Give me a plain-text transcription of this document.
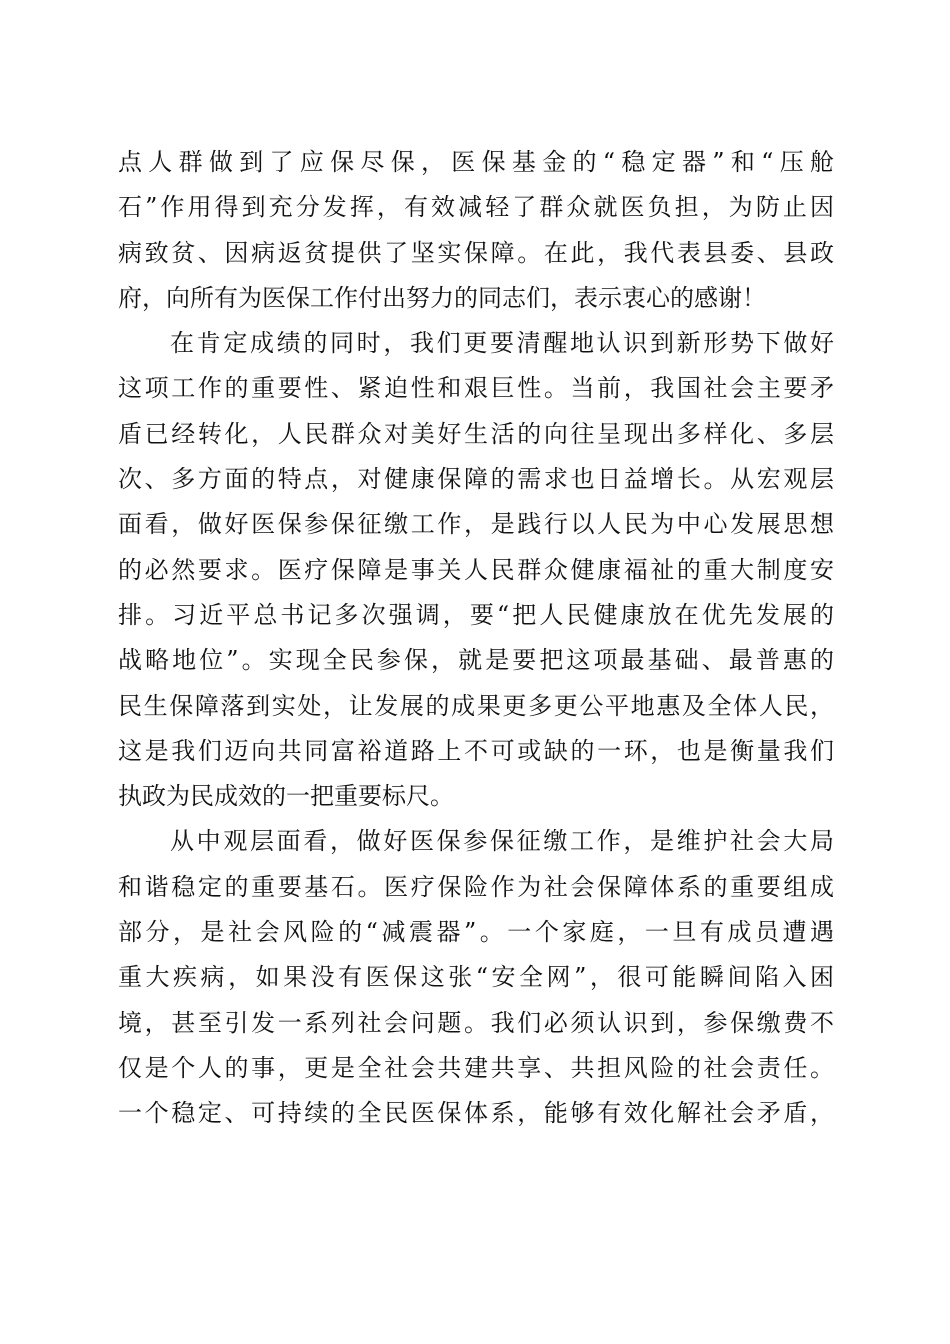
点人群做到了应保尽保，医保基金的“稳定器”和“压舱
石”作用得到充分发挥，有效减轻了群众就医负担，为防止因
病致贫、因病返贫提供了坚实保障。在此，我代表县委、县政
府，向所有为医保工作付出努力的同志们，表示衷心的感谢！
在肯定成绩的同时，我们更要清醒地认识到新形势下做好
这项工作的重要性、紧迫性和艰巨性。当前，我国社会主要矛
盾已经转化，人民群众对美好生活的向往呈现出多样化、多层
次、多方面的特点，对健康保障的需求也日益增长。从宏观层
面看，做好医保参保征缴工作，是践行以人民为中心发展思想
的必然要求。医疗保障是事关人民群众健康福祉的重大制度安
排。习近平总书记多次强调，要“把人民健康放在优先发展的
战略地位”。实现全民参保，就是要把这项最基础、最普惠的
民生保障落到实处，让发展的成果更多更公平地惠及全体人民，
这是我们迈向共同富裕道路上不可或缺的一环，也是衡量我们
执政为民成效的一把重要标尺。
从中观层面看，做好医保参保征缴工作，是维护社会大局
和谐稳定的重要基石。医疗保险作为社会保障体系的重要组成
部分，是社会风险的“减震器”。一个家庭，一旦有成员遭遇
重大疾病，如果没有医保这张“安全网”，很可能瞬间陷入困
境，甚至引发一系列社会问题。我们必须认识到，参保缴费不
仅是个人的事，更是全社会共建共享、共担风险的社会责任。
一个稳定、可持续的全民医保体系，能够有效化解社会矛盾，
